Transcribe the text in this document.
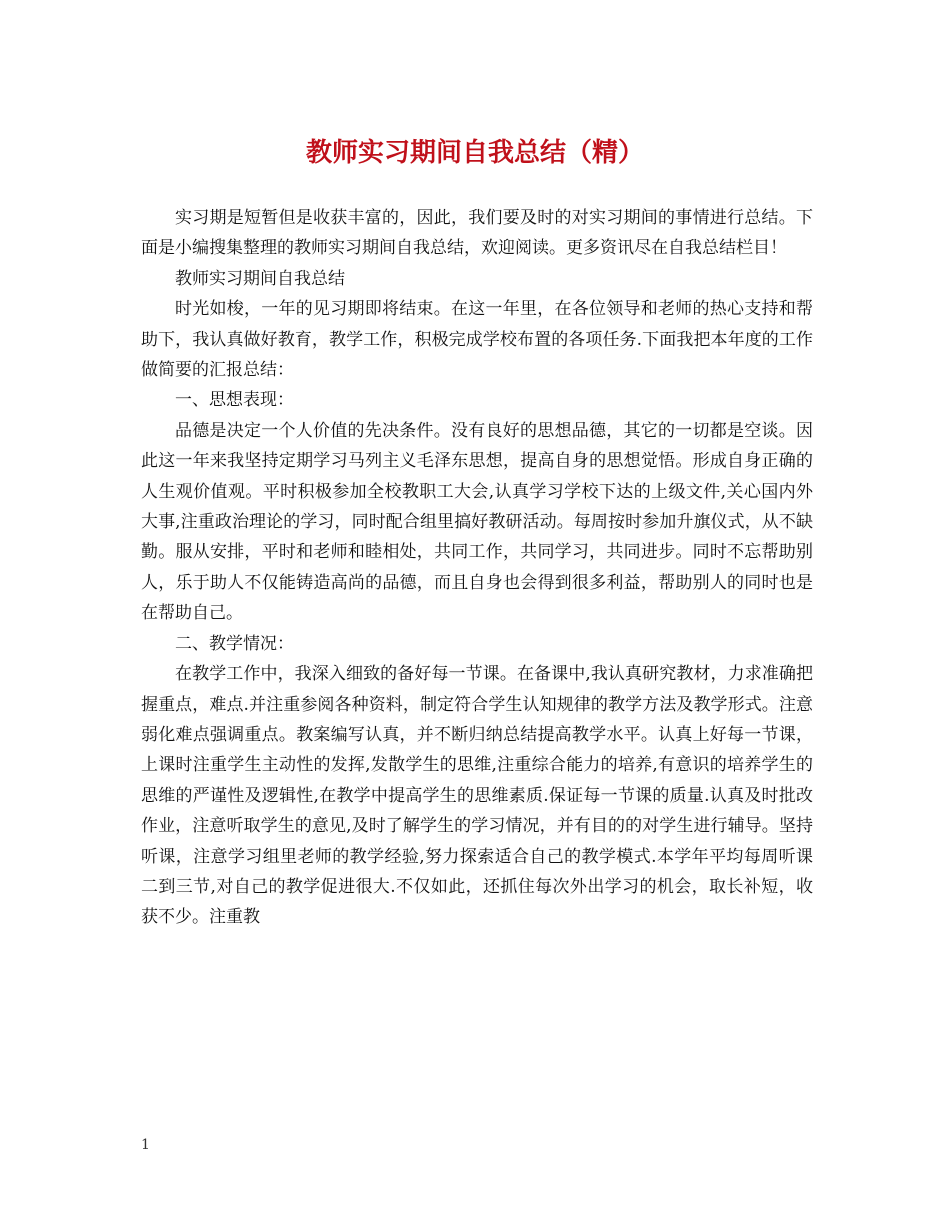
教师实习期间自我总结（精）

实习期是短暂但是收获丰富的，因此，我们要及时的对实习期间的事情进行总结。下面是小编搜集整理的教师实习期间自我总结，欢迎阅读。更多资讯尽在自我总结栏目！

教师实习期间自我总结

时光如梭，一年的见习期即将结束。在这一年里，在各位领导和老师的热心支持和帮助下，我认真做好教育，教学工作，积极完成学校布置的各项任务.下面我把本年度的工作做简要的汇报总结：

一、思想表现：

品德是决定一个人价值的先决条件。没有良好的思想品德，其它的一切都是空谈。因此这一年来我坚持定期学习马列主义毛泽东思想，提高自身的思想觉悟。形成自身正确的人生观价值观。平时积极参加全校教职工大会,认真学习学校下达的上级文件,关心国内外大事,注重政治理论的学习，同时配合组里搞好教研活动。每周按时参加升旗仪式，从不缺勤。服从安排，平时和老师和睦相处，共同工作，共同学习，共同进步。同时不忘帮助别人，乐于助人不仅能铸造高尚的品德，而且自身也会得到很多利益，帮助别人的同时也是在帮助自己。

二、教学情况：

在教学工作中，我深入细致的备好每一节课。在备课中,我认真研究教材，力求准确把握重点，难点.并注重参阅各种资料，制定符合学生认知规律的教学方法及教学形式。注意弱化难点强调重点。教案编写认真，并不断归纳总结提高教学水平。认真上好每一节课，上课时注重学生主动性的发挥,发散学生的思维,注重综合能力的培养,有意识的培养学生的思维的严谨性及逻辑性,在教学中提高学生的思维素质.保证每一节课的质量.认真及时批改作业，注意听取学生的意见,及时了解学生的学习情况，并有目的的对学生进行辅导。坚持听课，注意学习组里老师的教学经验,努力探索适合自己的教学模式.本学年平均每周听课二到三节,对自己的教学促进很大.不仅如此，还抓住每次外出学习的机会，取长补短，收获不少。注重教

1
